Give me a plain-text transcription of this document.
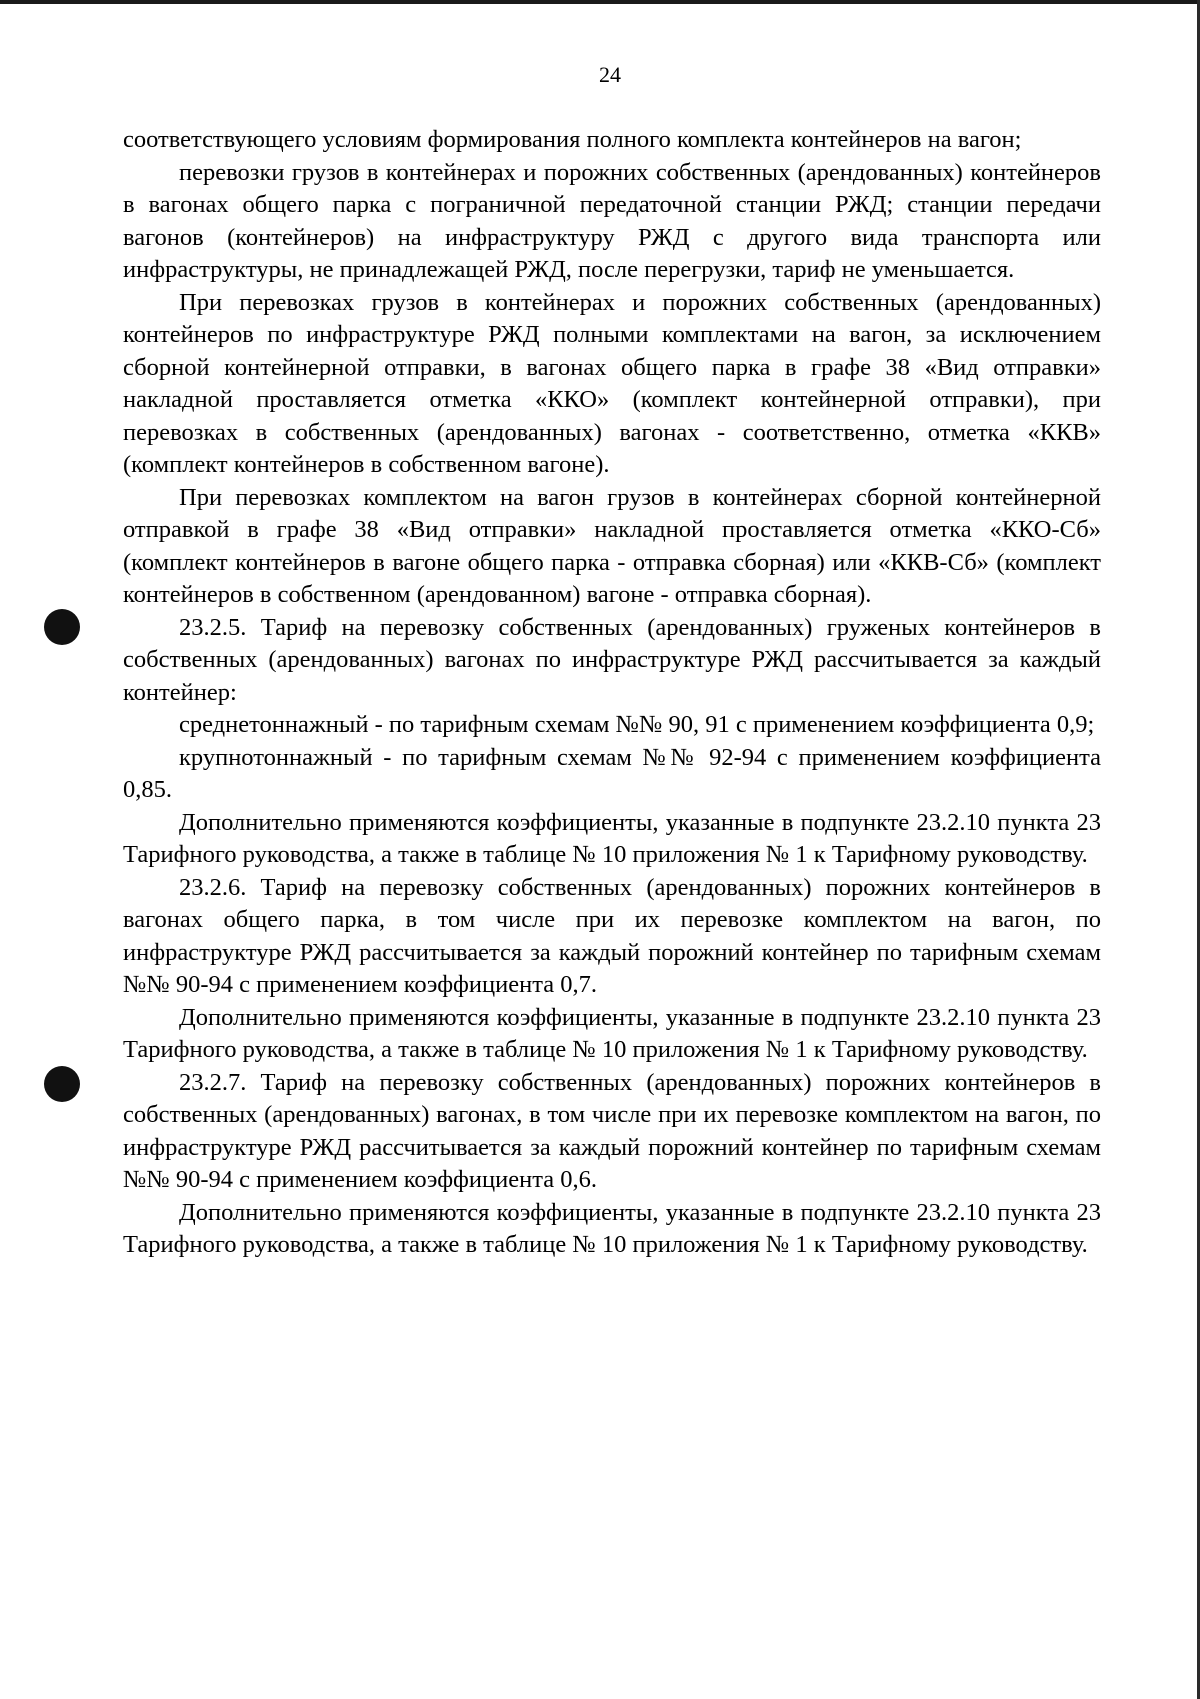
24

соответствующего условиям формирования полного комплекта контейнеров на вагон;

перевозки грузов в контейнерах и порожних собственных (арендованных) контейнеров в вагонах общего парка с пограничной передаточной станции РЖД; станции передачи вагонов (контейнеров) на инфраструктуру РЖД с другого вида транспорта или инфраструктуры, не принадлежащей РЖД, после перегрузки, тариф не уменьшается.

При перевозках грузов в контейнерах и порожних собственных (арендованных) контейнеров по инфраструктуре РЖД полными комплектами на вагон, за исключением сборной контейнерной отправки, в вагонах общего парка в графе 38 «Вид отправки» накладной проставляется отметка «ККО» (комплект контейнерной отправки), при перевозках в собственных (арендованных) вагонах - соответственно, отметка «ККВ» (комплект контейнеров в собственном вагоне).

При перевозках комплектом на вагон грузов в контейнерах сборной контейнерной отправкой в графе 38 «Вид отправки» накладной проставляется отметка «ККО-Сб» (комплект контейнеров в вагоне общего парка - отправка сборная) или «ККВ-Сб» (комплект контейнеров в собственном (арендованном) вагоне - отправка сборная).

23.2.5. Тариф на перевозку собственных (арендованных) груженых контейнеров в собственных (арендованных) вагонах по инфраструктуре РЖД рассчитывается за каждый контейнер:

среднетоннажный - по тарифным схемам №№ 90, 91 с применением коэффициента 0,9;

крупнотоннажный - по тарифным схемам №№ 92-94 с применением коэффициента 0,85.

Дополнительно применяются коэффициенты, указанные в подпункте 23.2.10 пункта 23 Тарифного руководства, а также в таблице № 10 приложения № 1 к Тарифному руководству.

23.2.6. Тариф на перевозку собственных (арендованных) порожних контейнеров в вагонах общего парка, в том числе при их перевозке комплектом на вагон, по инфраструктуре РЖД рассчитывается за каждый порожний контейнер по тарифным схемам №№ 90-94 с применением коэффициента 0,7.

Дополнительно применяются коэффициенты, указанные в подпункте 23.2.10 пункта 23 Тарифного руководства, а также в таблице № 10 приложения № 1 к Тарифному руководству.

23.2.7. Тариф на перевозку собственных (арендованных) порожних контейнеров в собственных (арендованных) вагонах, в том числе при их перевозке комплектом на вагон, по инфраструктуре РЖД рассчитывается за каждый порожний контейнер по тарифным схемам №№ 90-94 с применением коэффициента 0,6.

Дополнительно применяются коэффициенты, указанные в подпункте 23.2.10 пункта 23 Тарифного руководства, а также в таблице № 10 приложения № 1 к Тарифному руководству.
